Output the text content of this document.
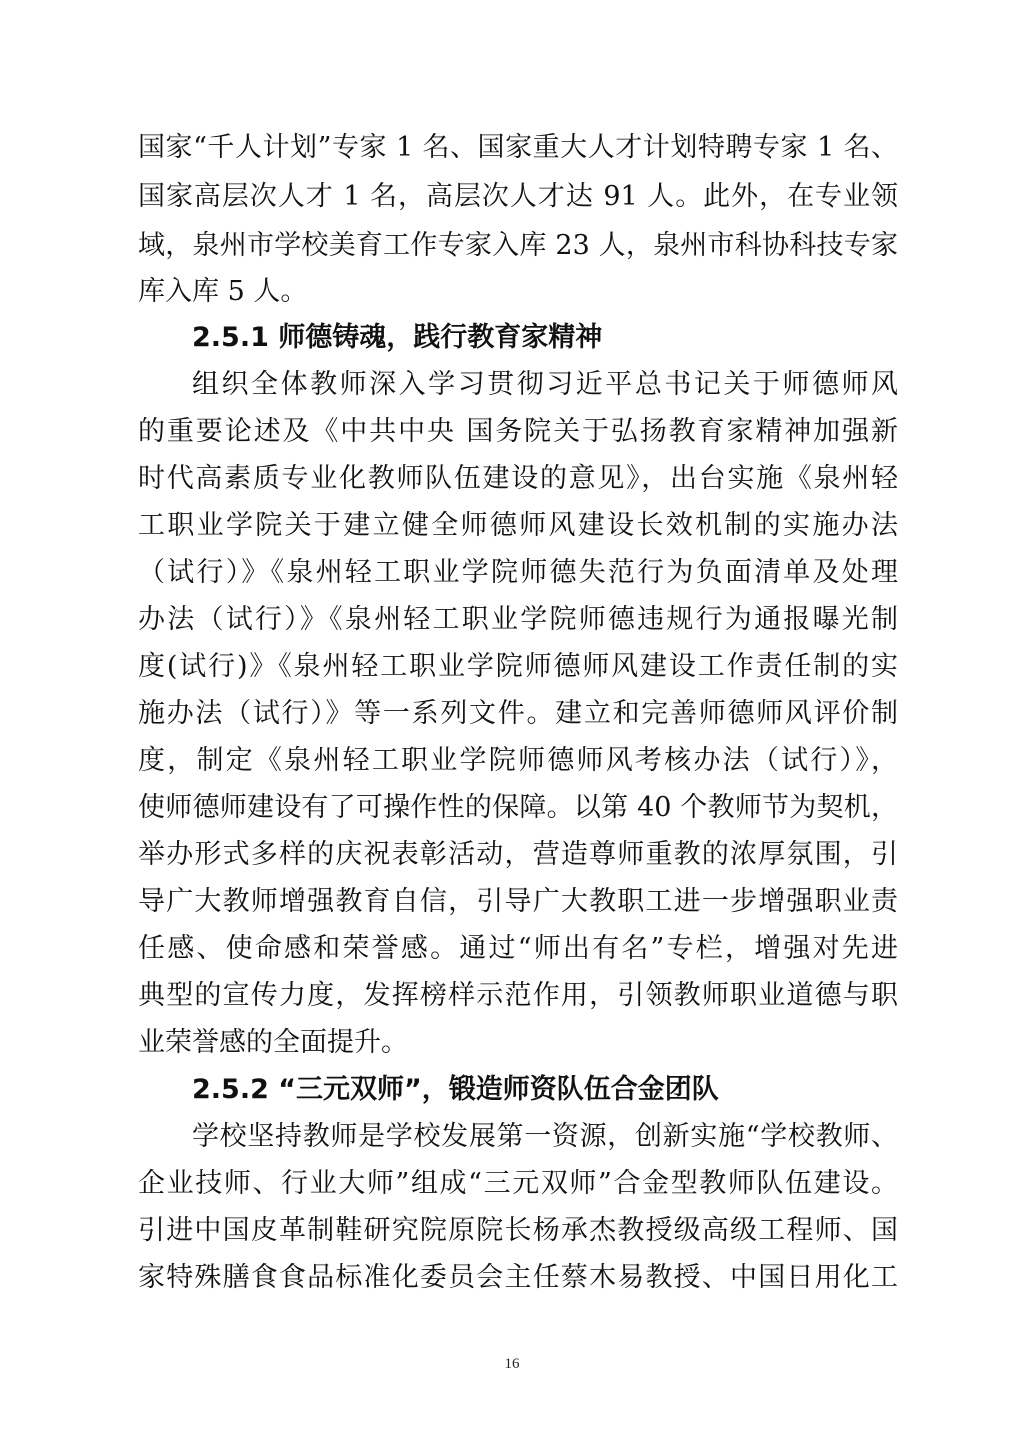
国家“千人计划”专家 1 名、国家重大人才计划特聘专家 1 名、
国家高层次人才 1 名，高层次人才达 91 人。此外，在专业领
域，泉州市学校美育工作专家入库 23 人，泉州市科协科技专家
库入库 5 人。
2.5.1 师德铸魂，践行教育家精神
组织全体教师深入学习贯彻习近平总书记关于师德师风
的重要论述及《中共中央 国务院关于弘扬教育家精神加强新
时代高素质专业化教师队伍建设的意见》，出台实施《泉州轻
工职业学院关于建立健全师德师风建设长效机制的实施办法
（试行）》《泉州轻工职业学院师德失范行为负面清单及处理
办法（试行）》《泉州轻工职业学院师德违规行为通报曝光制
度(试行)》《泉州轻工职业学院师德师风建设工作责任制的实
施办法（试行）》等一系列文件。建立和完善师德师风评价制
度，制定《泉州轻工职业学院师德师风考核办法（试行）》，
使师德师建设有了可操作性的保障。以第 40 个教师节为契机，
举办形式多样的庆祝表彰活动，营造尊师重教的浓厚氛围，引
导广大教师增强教育自信，引导广大教职工进一步增强职业责
任感、使命感和荣誉感。通过“师出有名”专栏，增强对先进
典型的宣传力度，发挥榜样示范作用，引领教师职业道德与职
业荣誉感的全面提升。
2.5.2 “三元双师”，锻造师资队伍合金团队
学校坚持教师是学校发展第一资源，创新实施“学校教师、
企业技师、行业大师”组成“三元双师”合金型教师队伍建设。
引进中国皮革制鞋研究院原院长杨承杰教授级高级工程师、国
家特殊膳食食品标准化委员会主任蔡木易教授、中国日用化工
16
